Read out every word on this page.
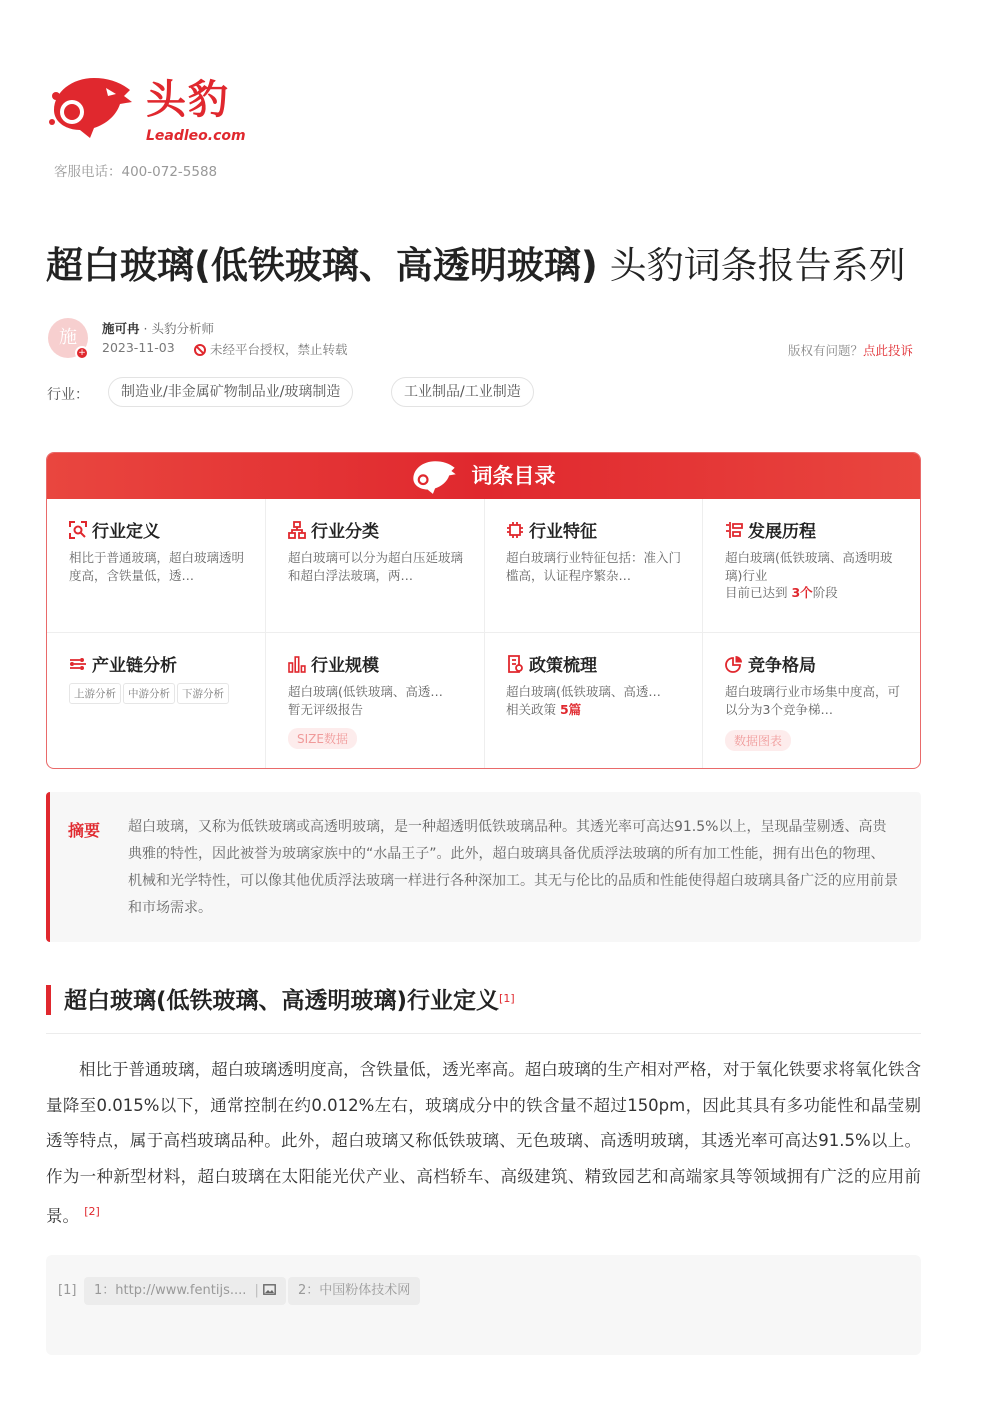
头豹
Leadleo.com
客服电话：400-072-5588
超白玻璃(低铁玻璃、高透明玻璃) 头豹词条报告系列
施
+
施可冉 · 头豹分析师
2023-11-03	未经平台授权，禁止转载	版权有问题？点此投诉
行业：	制造业/非金属矿物制品业/玻璃制造	工业制品/工业制造
词条目录
行业定义
相比于普通玻璃，超白玻璃透明度高，含铁量低，透…
行业分类
超白玻璃可以分为超白压延玻璃和超白浮法玻璃，两…
行业特征
超白玻璃行业特征包括：准入门槛高，认证程序繁杂…
发展历程
超白玻璃(低铁玻璃、高透明玻璃)行业
目前已达到 3个阶段
产业链分析
上游分析 中游分析 下游分析
行业规模
超白玻璃(低铁玻璃、高透…
暂无评级报告
SIZE数据
政策梳理
超白玻璃(低铁玻璃、高透…
相关政策 5篇
竞争格局
超白玻璃行业市场集中度高，可以分为3个竞争梯…
数据图表
摘要 超白玻璃，又称为低铁玻璃或高透明玻璃，是一种超透明低铁玻璃品种。其透光率可高达91.5%以上，呈现晶莹剔透、高贵典雅的特性，因此被誉为玻璃家族中的“水晶王子”。此外，超白玻璃具备优质浮法玻璃的所有加工性能，拥有出色的物理、机械和光学特性，可以像其他优质浮法玻璃一样进行各种深加工。其无与伦比的品质和性能使得超白玻璃具备广泛的应用前景和市场需求。
超白玻璃(低铁玻璃、高透明玻璃)行业定义[1]
相比于普通玻璃，超白玻璃透明度高，含铁量低，透光率高。超白玻璃的生产相对严格，对于氧化铁要求将氧化铁含量降至0.015%以下，通常控制在约0.012%左右，玻璃成分中的铁含量不超过150pm，因此其具有多功能性和晶莹剔透等特点，属于高档玻璃品种。此外，超白玻璃又称低铁玻璃、无色玻璃、高透明玻璃，其透光率可高达91.5%以上。作为一种新型材料，超白玻璃在太阳能光伏产业、高档轿车、高级建筑、精致园艺和高端家具等领域拥有广泛的应用前景。 [2]
[1]	1：http://www.fentijs.... |	2：中国粉体技术网
